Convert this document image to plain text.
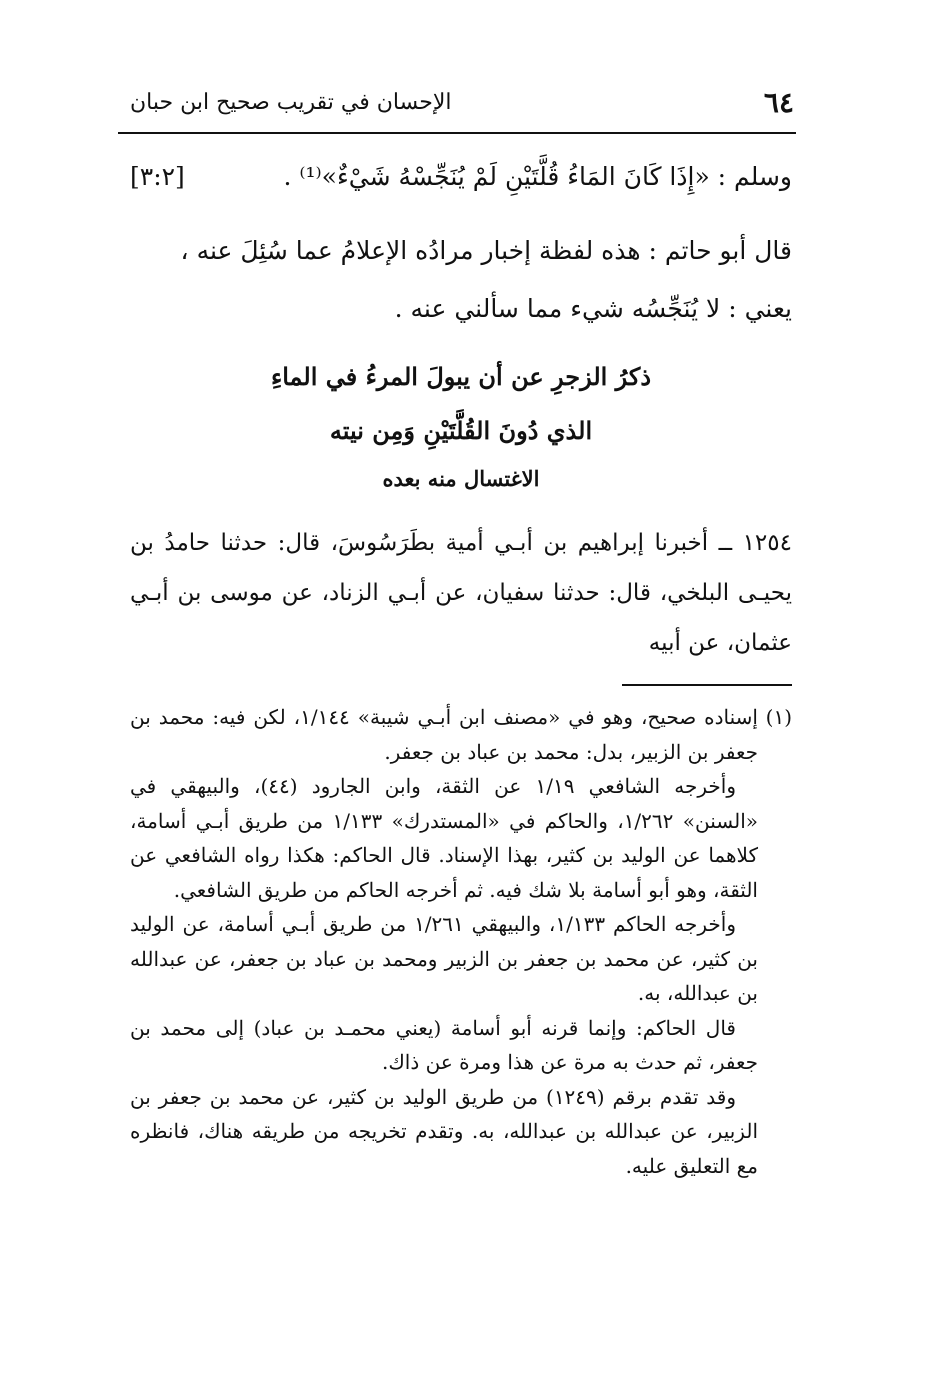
٦٤
الإحسان في تقريب صحيح ابن حبان
وسلم : «إِذَا كَانَ المَاءُ قُلَّتَيْنِ لَمْ يُنَجِّسْهُ شَيْءٌ»⁽¹⁾ .
[٣:٢]
قال أبو حاتم : هذه لفظة إخبار مرادُه الإعلامُ عما سُئِلَ عنه ،
يعني : لا يُنَجِّسُه شيء مما سألني عنه .
ذكرُ الزجرِ عن أن يبولَ المرءُ في الماءِ
الذي دُونَ القُلَّتَيْنِ وَمِن نيته
الاغتسال منه بعده

١٢٥٤ ــ أخبرنا إبراهيم بن أبـي أمية بطَرَسُوسَ، قال: حدثنا حامدُ بن يحيـى البلخي، قال: حدثنا سفيان، عن أبـي الزناد، عن موسى بن أبـي عثمان، عن أبيه

(١)إسناده صحيح، وهو في «مصنف ابن أبـي شيبة» ١/١٤٤، لكن فيه: محمد بن جعفر بن الزبير، بدل: محمد بن عباد بن جعفر.

وأخرجه الشافعي ١/١٩ عن الثقة، وابن الجارود (٤٤)، والبيهقي في «السنن» ١/٢٦٢، والحاكم في «المستدرك» ١/١٣٣ من طريق أبـي أسامة، كلاهما عن الوليد بن كثير، بهذا الإسناد. قال الحاكم: هكذا رواه الشافعي عن الثقة، وهو أبو أسامة بلا شك فيه. ثم أخرجه الحاكم من طريق الشافعي.

وأخرجه الحاكم ١/١٣٣، والبيهقي ١/٢٦١ من طريق أبـي أسامة، عن الوليد بن كثير، عن محمد بن جعفر بن الزبير ومحمد بن عباد بن جعفر، عن عبدالله بن عبدالله، به.

قال الحاكم: وإنما قرنه أبو أسامة (يعني محمـد بن عباد) إلى محمد بن جعفر، ثم حدث به مرة عن هذا ومرة عن ذاك.

وقد تقدم برقم (١٢٤٩) من طريق الوليد بن كثير، عن محمد بن جعفر بن الزبير، عن عبدالله بن عبدالله، به. وتقدم تخريجه من طريقه هناك، فانظره مع التعليق عليه.
